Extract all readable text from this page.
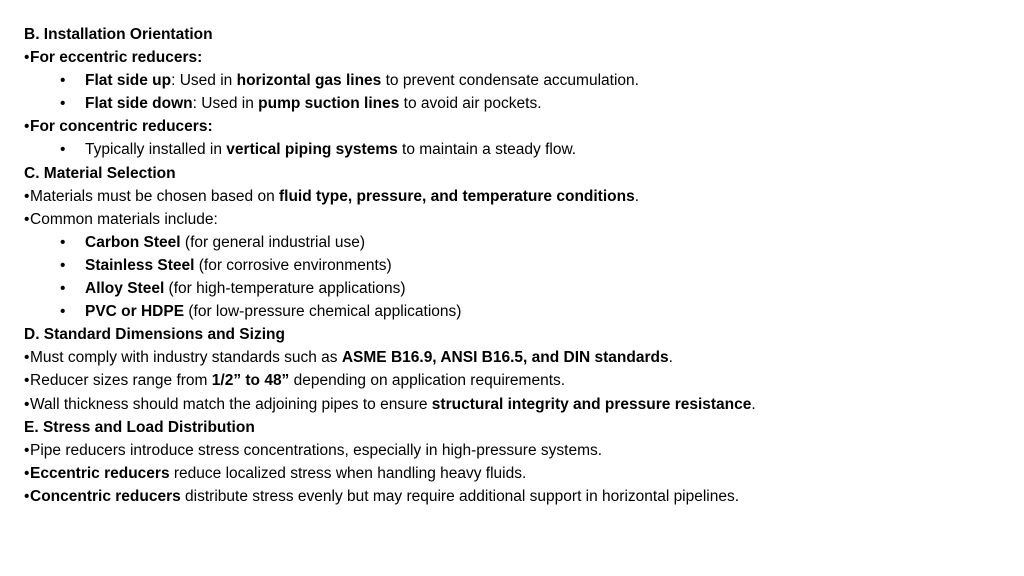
B. Installation Orientation
•For eccentric reducers:
• Flat side up: Used in horizontal gas lines to prevent condensate accumulation.
• Flat side down: Used in pump suction lines to avoid air pockets.
•For concentric reducers:
• Typically installed in vertical piping systems to maintain a steady flow.
C. Material Selection
•Materials must be chosen based on fluid type, pressure, and temperature conditions.
•Common materials include:
• Carbon Steel (for general industrial use)
• Stainless Steel (for corrosive environments)
• Alloy Steel (for high-temperature applications)
• PVC or HDPE (for low-pressure chemical applications)
D. Standard Dimensions and Sizing
•Must comply with industry standards such as ASME B16.9, ANSI B16.5, and DIN standards.
•Reducer sizes range from 1/2” to 48” depending on application requirements.
•Wall thickness should match the adjoining pipes to ensure structural integrity and pressure resistance.
E. Stress and Load Distribution
•Pipe reducers introduce stress concentrations, especially in high-pressure systems.
•Eccentric reducers reduce localized stress when handling heavy fluids.
•Concentric reducers distribute stress evenly but may require additional support in horizontal pipelines.
